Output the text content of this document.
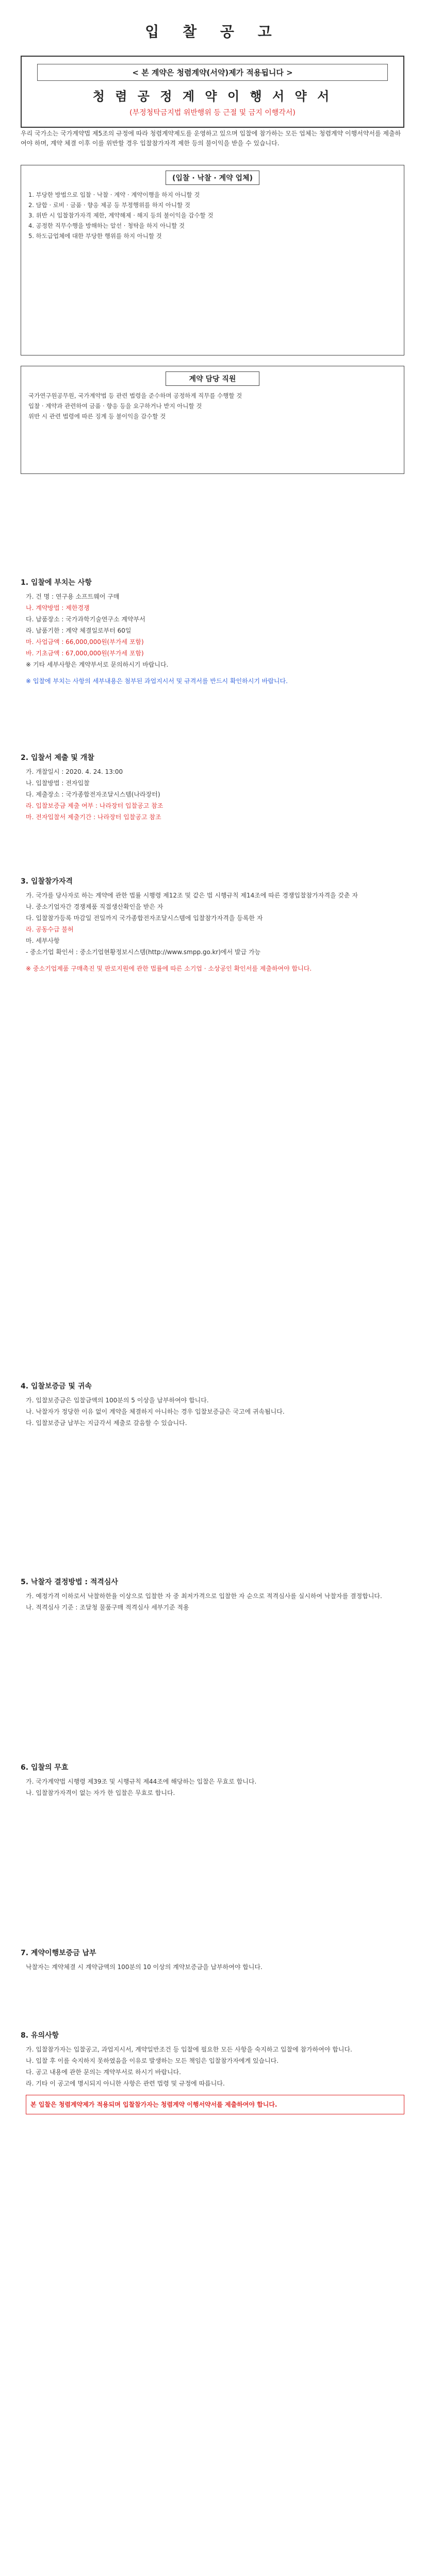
입 찰 공 고
< 본 계약은 청렴계약(서약)제가 적용됩니다 >
청 렴 공 정 계 약 이 행 서 약 서
(부정청탁금지법 위반행위 등 근절 및 금지 이행각서)
우리 국가소는 국가계약법 제5조의 규정에 따라 청렴계약제도를 운영하고 있으며 입찰에 참가하는 모든 업체는 청렴계약 이행서약서를 제출하여야 하며, 계약 체결 이후 이를 위반할 경우 입찰참가자격 제한 등의 불이익을 받을 수 있습니다.
(입찰 · 낙찰 · 계약 업체)
1. 부당한 방법으로 입찰 · 낙찰 · 계약 · 계약이행을 하지 아니할 것
2. 담합 · 로비 · 금품 · 향응 제공 등 부정행위를 하지 아니할 것
3. 위반 시 입찰참가자격 제한, 계약해제 · 해지 등의 불이익을 감수할 것
4. 공정한 직무수행을 방해하는 알선 · 청탁을 하지 아니할 것
5. 하도급업체에 대한 부당한 행위를 하지 아니할 것
계약 담당 직원
국가연구원공무원, 국가계약법 등 관련 법령을 준수하며 공정하게 직무를 수행할 것
입찰 · 계약과 관련하여 금품 · 향응 등을 요구하거나 받지 아니할 것
위반 시 관련 법령에 따른 징계 등 불이익을 감수할 것
1. 입찰에 부치는 사항
가. 건 명 : 연구용 소프트웨어 구매
나. 계약방법 : 제한경쟁
다. 납품장소 : 국가과학기술연구소 계약부서
라. 납품기한 : 계약 체결일로부터 60일
마. 사업금액 : 66,000,000원(부가세 포함)
바. 기초금액 : 67,000,000원(부가세 포함)
※ 기타 세부사항은 계약부서로 문의하시기 바랍니다.
※ 입찰에 부치는 사항의 세부내용은 첨부된 과업지시서 및 규격서를 반드시 확인하시기 바랍니다.
2. 입찰서 제출 및 개찰
가. 개찰일시 : 2020. 4. 24. 13:00
나. 입찰방법 : 전자입찰
다. 제출장소 : 국가종합전자조달시스템(나라장터)
라. 입찰보증금 제출 여부 : 나라장터 입찰공고 참조
마. 전자입찰서 제출기간 : 나라장터 입찰공고 참조
3. 입찰참가자격
가. 국가를 당사자로 하는 계약에 관한 법률 시행령 제12조 및 같은 법 시행규칙 제14조에 따른 경쟁입찰참가자격을 갖춘 자
나. 중소기업자간 경쟁제품 직접생산확인을 받은 자
다. 입찰참가등록 마감일 전일까지 국가종합전자조달시스템에 입찰참가자격을 등록한 자
라. 공동수급 불허
마. 세부사항
- 중소기업 확인서 : 중소기업현황정보시스템(http://www.smpp.go.kr)에서 발급 가능
※ 중소기업제품 구매촉진 및 판로지원에 관한 법률에 따른 소기업 · 소상공인 확인서를 제출하여야 합니다.
4. 입찰보증금 및 귀속
가. 입찰보증금은 입찰금액의 100분의 5 이상을 납부하여야 합니다.
나. 낙찰자가 정당한 이유 없이 계약을 체결하지 아니하는 경우 입찰보증금은 국고에 귀속됩니다.
다. 입찰보증금 납부는 지급각서 제출로 갈음할 수 있습니다.
5. 낙찰자 결정방법 : 적격심사
가. 예정가격 이하로서 낙찰하한율 이상으로 입찰한 자 중 최저가격으로 입찰한 자 순으로 적격심사를 실시하여 낙찰자를 결정합니다.
나. 적격심사 기준 : 조달청 물품구매 적격심사 세부기준 적용
6. 입찰의 무효
가. 국가계약법 시행령 제39조 및 시행규칙 제44조에 해당하는 입찰은 무효로 합니다.
나. 입찰참가자격이 없는 자가 한 입찰은 무효로 합니다.
7. 계약이행보증금 납부
낙찰자는 계약체결 시 계약금액의 100분의 10 이상의 계약보증금을 납부하여야 합니다.
8. 유의사항
가. 입찰참가자는 입찰공고, 과업지시서, 계약일반조건 등 입찰에 필요한 모든 사항을 숙지하고 입찰에 참가하여야 합니다.
나. 입찰 후 이를 숙지하지 못하였음을 이유로 발생하는 모든 책임은 입찰참가자에게 있습니다.
다. 공고 내용에 관한 문의는 계약부서로 하시기 바랍니다.
라. 기타 이 공고에 명시되지 아니한 사항은 관련 법령 및 규정에 따릅니다.
본 입찰은 청렴계약제가 적용되며 입찰참가자는 청렴계약 이행서약서를 제출하여야 합니다.
